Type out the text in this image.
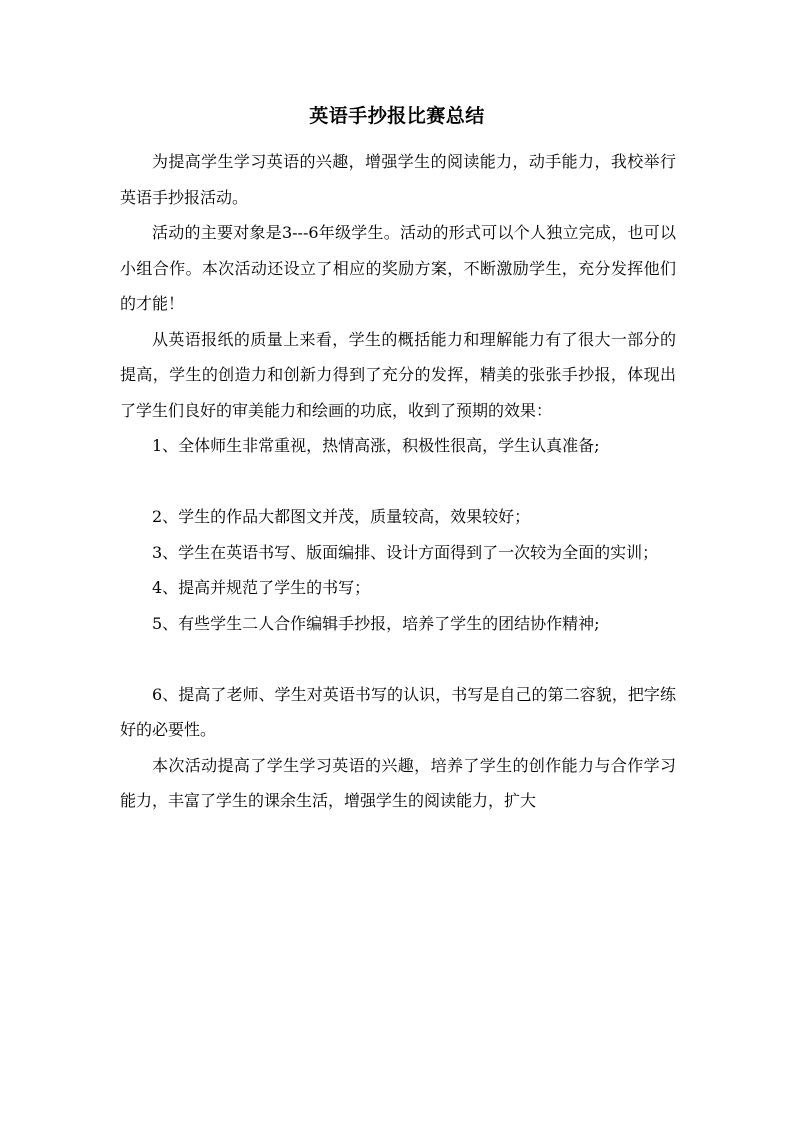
英语手抄报比赛总结

为提高学生学习英语的兴趣，增强学生的阅读能力，动手能力，我校举行英语手抄报活动。

活动的主要对象是3---6年级学生。活动的形式可以个人独立完成，也可以小组合作。本次活动还设立了相应的奖励方案，不断激励学生，充分发挥他们的才能！

从英语报纸的质量上来看，学生的概括能力和理解能力有了很大一部分的提高，学生的创造力和创新力得到了充分的发挥，精美的张张手抄报，体现出了学生们良好的审美能力和绘画的功底，收到了预期的效果：

1、全体师生非常重视，热情高涨，积极性很高，学生认真准备;

2、学生的作品大都图文并茂，质量较高，效果较好；

3、学生在英语书写、版面编排、设计方面得到了一次较为全面的实训；

4、提高并规范了学生的书写；

5、有些学生二人合作编辑手抄报，培养了学生的团结协作精神;

6、提高了老师、学生对英语书写的认识，书写是自己的第二容貌，把字练好的必要性。

本次活动提高了学生学习英语的兴趣，培养了学生的创作能力与合作学习能力，丰富了学生的课余生活，增强学生的阅读能力，扩大
